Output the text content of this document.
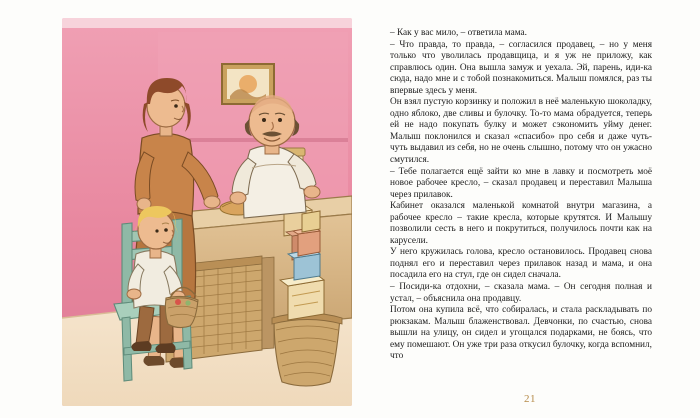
– Как у вас мило, – ответила мама.

– Что правда, то правда, – согласился продавец, – но у меня только что уволилась продавщица, и я уж не приложу, как справлюсь один. Она вышла замуж и уехала. Эй, парень, иди-ка сюда, надо мне и с тобой познакомиться. Малыш помялся, раз ты впервые здесь у меня.

Он взял пустую корзинку и положил в неё маленькую шоколадку, одно яблоко, две сливы и булочку. То-то мама обрадуется, теперь ей не надо покупать булку и может сэкономить уйму денег. Малыш поклонился и сказал «спасибо» про себя и даже чуть-чуть выдавил из себя, но не очень слышно, потому что он ужасно смутился.

– Тебе полагается ещё зайти ко мне в лавку и посмотреть моё новое рабочее кресло, – сказал продавец и переставил Малыша через прилавок.

Кабинет оказался маленькой комнатой внутри магазина, а рабочее кресло – такие кресла, которые крутятся. И Малышу позволили сесть в него и покрутиться, получилось почти как на карусели.

У него кружилась голова, кресло остановилось. Продавец снова поднял его и переставил через прилавок назад и мама, и она посадила его на стул, где он сидел сначала.

– Посиди-ка отдохни, – сказала мама. – Он сегодня полная и устал, – объяснила она продавцу.

Потом она купила всё, что собиралась, и стала раскладывать по рюкзакам. Малыш блаженствовал. Девчонки, по счастью, снова вышли на улицу, он сидел и угощался подарками, не боясь, что ему помешают. Он уже три раза откусил булочку, когда вспомнил, что

21
